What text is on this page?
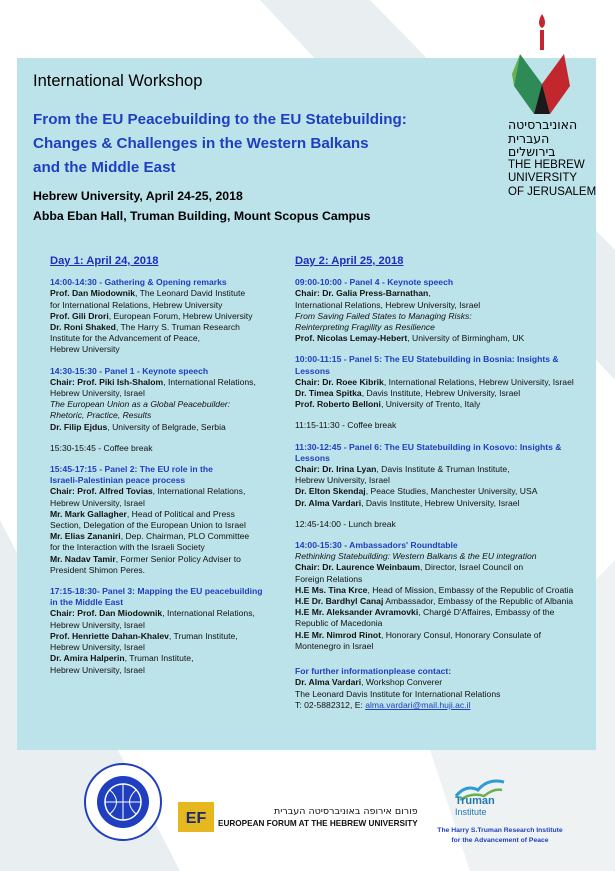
האוניברסיטה
העברית
בירושלים
THE HEBREW
UNIVERSITY
OF JERUSALEM
International Workshop
From the EU Peacebuilding to the EU Statebuilding:
Changes & Challenges in the Western Balkans
and the Middle East
Hebrew University, April 24-25, 2018
Abba Eban Hall, Truman Building, Mount Scopus Campus
Day 1: April 24, 2018
14:00-14:30 - Gathering & Opening remarks
Prof. Dan Miodownik, The Leonard David Institute
for International Relations, Hebrew University
Prof. Gili Drori, European Forum, Hebrew University
Dr. Roni Shaked, The Harry S. Truman Research
Institute for the Advancement of Peace,
Hebrew University
14:30-15:30 - Panel 1 - Keynote speech
Chair: Prof. Piki Ish-Shalom, International Relations,
Hebrew University, Israel
The European Union as a Global Peacebuilder:
Rhetoric, Practice, Results
Dr. Filip Ejdus, University of Belgrade, Serbia
15:30-15:45 - Coffee break
15:45-17:15 - Panel 2: The EU role in the
Israeli-Palestinian peace process
Chair: Prof. Alfred Tovias, International Relations,
Hebrew University, Israel
Mr. Mark Gallagher, Head of Political and Press
Section, Delegation of the European Union to Israel
Mr. Elias Zananiri, Dep. Chairman, PLO Committee
for the Interaction with the Israeli Society
Mr. Nadav Tamir, Former Senior Policy Adviser to
President Shimon Peres.
17:15-18:30- Panel 3: Mapping the EU peacebuilding
in the Middle East
Chair: Prof. Dan Miodownik, International Relations,
Hebrew University, Israel
Prof. Henriette Dahan-Khalev, Truman Institute,
Hebrew University, Israel
Dr. Amira Halperin, Truman Institute,
Hebrew University, Israel
Day 2: April 25, 2018
09:00-10:00 - Panel 4 - Keynote speech
Chair: Dr. Galia Press-Barnathan,
International Relations, Hebrew University, Israel
From Saving Failed States to Managing Risks:
Reinterpreting Fragility as Resilience
Prof. Nicolas Lemay-Hebert, University of Birmingham, UK
10:00-11:15 - Panel 5: The EU Statebuilding in Bosnia: Insights & Lessons
Chair: Dr. Roee Kibrik, International Relations, Hebrew University, Israel
Dr. Timea Spitka, Davis Institute, Hebrew University, Israel
Prof. Roberto Belloni, University of Trento, Italy
11:15-11:30 - Coffee break
11:30-12:45 - Panel 6: The EU Statebuilding in Kosovo: Insights & Lessons
Chair: Dr. Irina Lyan, Davis Institute & Truman Institute,
Hebrew University, Israel
Dr. Elton Skendaj, Peace Studies, Manchester University, USA
Dr. Alma Vardari, Davis Institute, Hebrew University, Israel
12:45-14:00 - Lunch break
14:00-15:30 - Ambassadors' Roundtable
Rethinking Statebuilding: Western Balkans & the EU integration
Chair: Dr. Laurence Weinbaum, Director, Israel Council on
Foreign Relations
H.E Ms. Tina Krce, Head of Mission, Embassy of the Republic of Croatia
H.E Dr. Bardhyl Canaj Ambassador, Embassy of the Republic of Albania
H.E Mr. Aleksander Avramovki, Chargé D'Affaires, Embassy of the
Republic of Macedonia
H.E Mr. Nimrod Rinot, Honorary Consul, Honorary Consulate of
Montenegro in Israel
For further informationplease contact:
Dr. Alma Vardari, Workshop Converer
The Leonard Davis Institute for International Relations
T: 02-5882312, E: alma.vardari@mail.huji.ac.il
EF	פורום אירופה באוניברסיטה העברית
EUROPEAN FORUM AT THE HEBREW UNIVERSITY
Truman
Institute
The Harry S.Truman Research Institute
for the Advancement of Peace
